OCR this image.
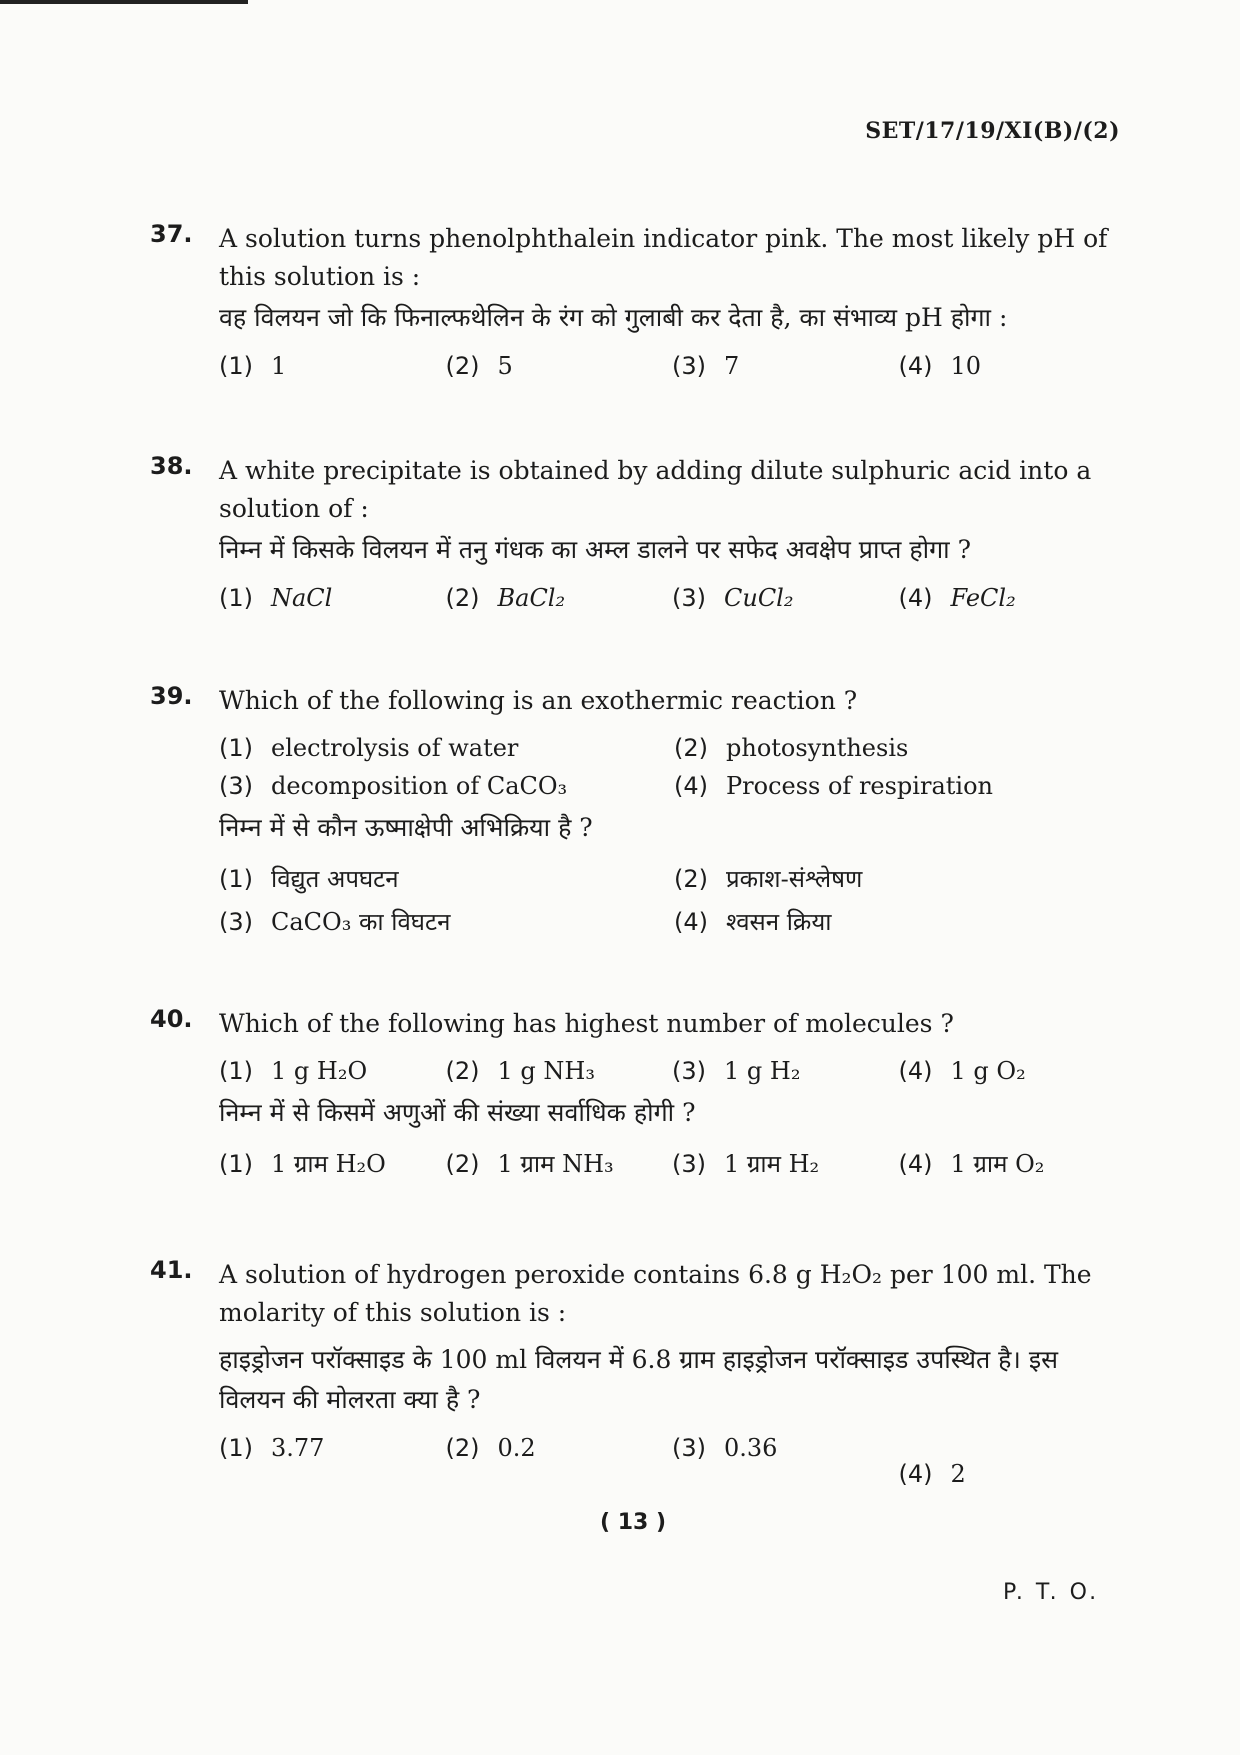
SET/17/19/XI(B)/(2)
37.	A solution turns phenolphthalein indicator pink. The most likely pH of this solution is :
वह विलयन जो कि फिनाल्फथेलिन के रंग को गुलाबी कर देता है, का संभाव्य pH होगा :
(1) 1	(2) 5	(3) 7	(4) 10
38.	A white precipitate is obtained by adding dilute sulphuric acid into a solution of :
निम्न में किसके विलयन में तनु गंधक का अम्ल डालने पर सफेद अवक्षेप प्राप्त होगा ?
(1) NaCl	(2) BaCl₂	(3) CuCl₂	(4) FeCl₂
39.	Which of the following is an exothermic reaction ?
(1) electrolysis of water	(2) photosynthesis
(3) decomposition of CaCO₃	(4) Process of respiration
निम्न में से कौन ऊष्माक्षेपी अभिक्रिया है ?
(1) विद्युत अपघटन	(2) प्रकाश-संश्लेषण
(3) CaCO₃ का विघटन	(4) श्वसन क्रिया
40.	Which of the following has highest number of molecules ?
(1) 1 g H₂O	(2) 1 g NH₃	(3) 1 g H₂	(4) 1 g O₂
निम्न में से किसमें अणुओं की संख्या सर्वाधिक होगी ?
(1) 1 ग्राम H₂O (2) 1 ग्राम NH₃ (3) 1 ग्राम H₂	(4) 1 ग्राम O₂
41.	A solution of hydrogen peroxide contains 6.8 g H₂O₂ per 100 ml. The molarity of this solution is :
हाइड्रोजन परॉक्साइड के 100 ml विलयन में 6.8 ग्राम हाइड्रोजन परॉक्साइड उपस्थित है। इस विलयन की मोलरता क्या है ?
(1) 3.77	(2) 0.2	(3) 0.36
(4) 2
( 13 )
P. T. O.
